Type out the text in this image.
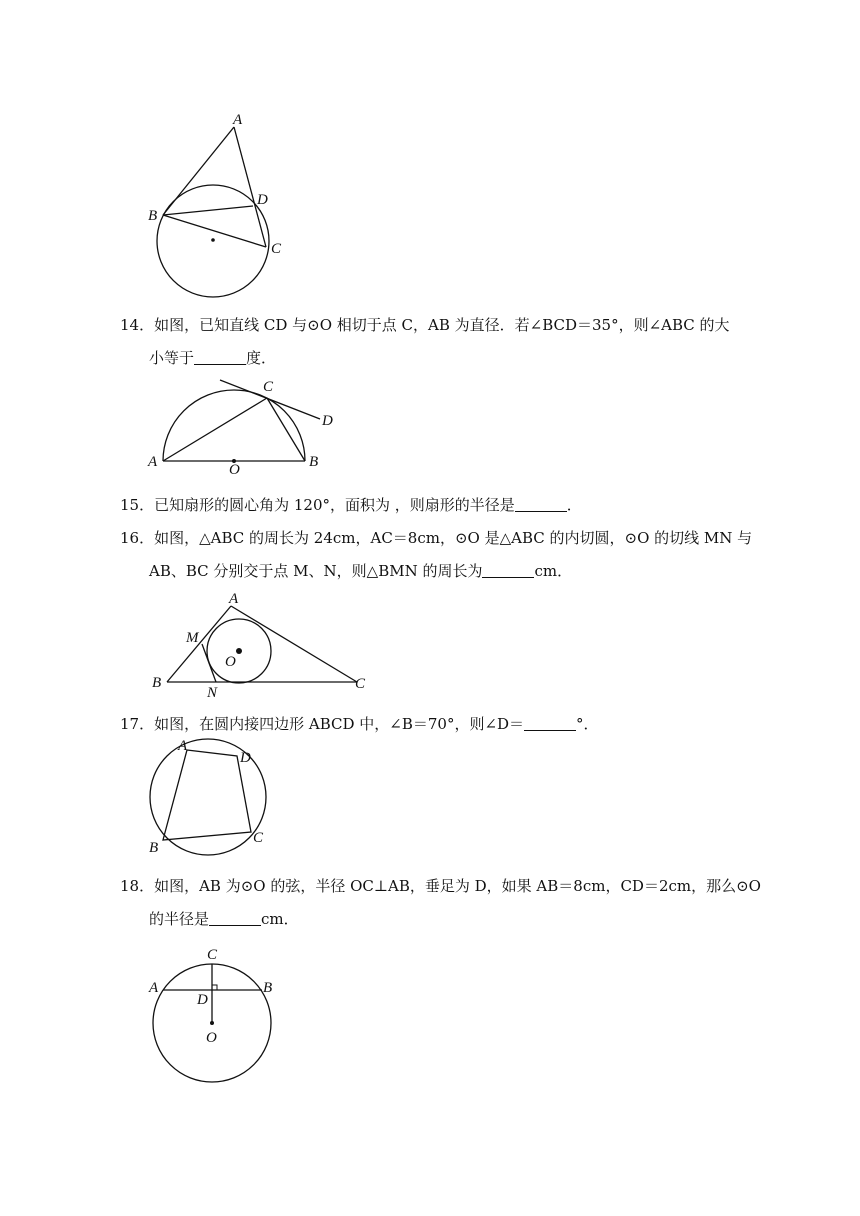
A
B
D
C
14．如图，已知直线 CD 与⊙O 相切于点 C，AB 为直径．若∠BCD＝35°，则∠ABC 的大
小等于	度．
A	B
C
D
O
15．已知扇形的圆心角为 120°，面积为 ，则扇形的半径是	．
16．如图，△ABC 的周长为 24cm，AC＝8cm，⊙O 是△ABC 的内切圆，⊙O 的切线 MN 与
AB、BC 分别交于点 M、N，则△BMN 的周长为	cm．
A
B	C
M
N
O
17．如图，在圆内接四边形 ABCD 中，∠B＝70°，则∠D＝	°．
A
D
C
B
18．如图，AB 为⊙O 的弦，半径 OC⊥AB，垂足为 D，如果 AB＝8cm，CD＝2cm，那么⊙O
的半径是	cm．
C
A	B
D
O
